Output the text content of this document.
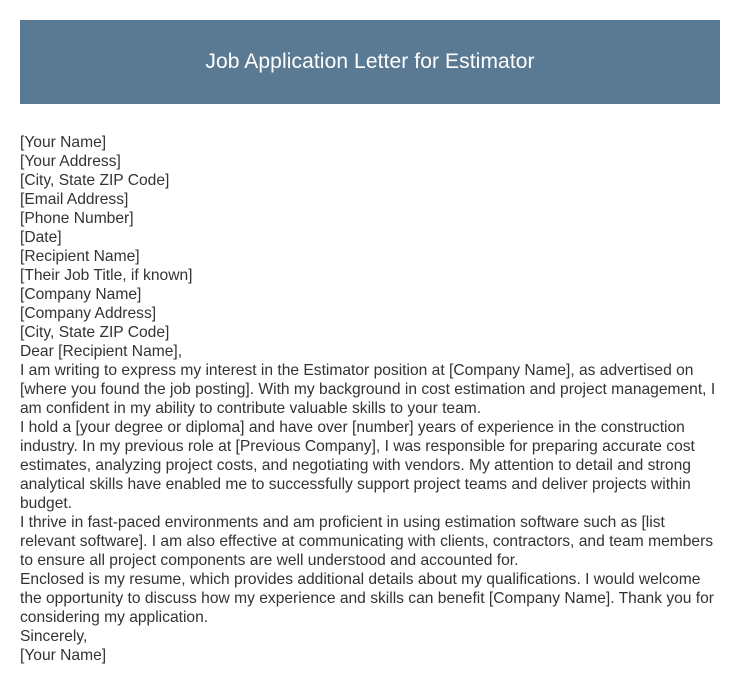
Job Application Letter for Estimator

[Your Name]

[Your Address]

[City, State ZIP Code]

[Email Address]

[Phone Number]

[Date]

[Recipient Name]

[Their Job Title, if known]

[Company Name]

[Company Address]

[City, State ZIP Code]

Dear [Recipient Name],

I am writing to express my interest in the Estimator position at [Company Name], as advertised on [where you found the job posting]. With my background in cost estimation and project management, I am confident in my ability to contribute valuable skills to your team.

I hold a [your degree or diploma] and have over [number] years of experience in the construction industry. In my previous role at [Previous Company], I was responsible for preparing accurate cost estimates, analyzing project costs, and negotiating with vendors. My attention to detail and strong analytical skills have enabled me to successfully support project teams and deliver projects within budget.

I thrive in fast-paced environments and am proficient in using estimation software such as [list relevant software]. I am also effective at communicating with clients, contractors, and team members to ensure all project components are well understood and accounted for.

Enclosed is my resume, which provides additional details about my qualifications. I would welcome the opportunity to discuss how my experience and skills can benefit [Company Name]. Thank you for considering my application.

Sincerely,

[Your Name]
